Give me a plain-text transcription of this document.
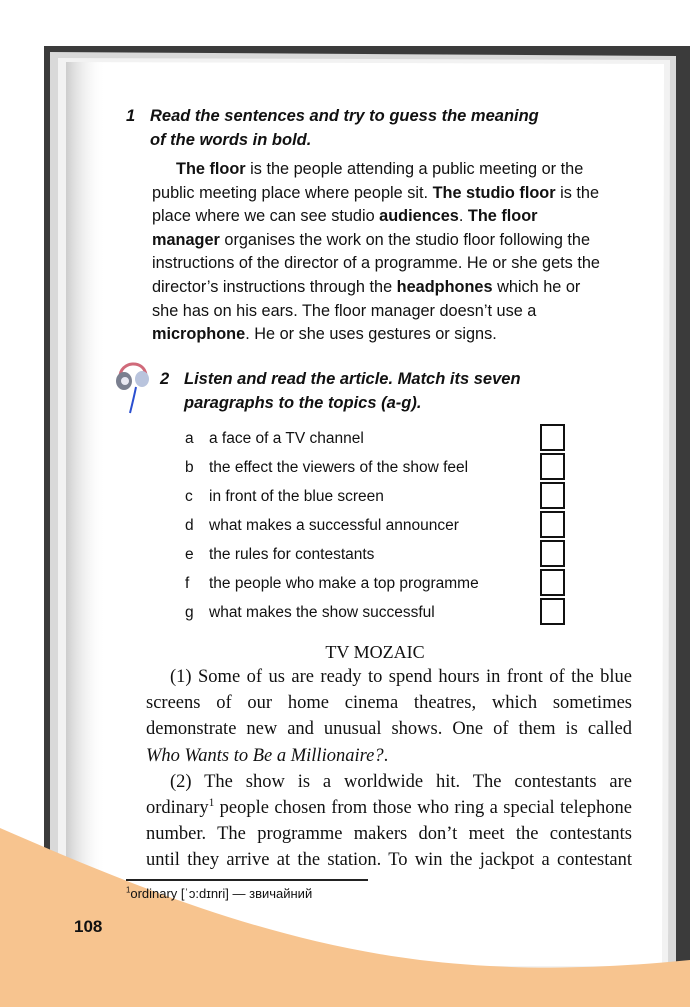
1 Read the sentences and try to guess the meaning
of the words in bold.
The floor is the people attending a public meeting or the
public meeting place where people sit. The studio floor is the
place where we can see studio audiences. The floor
manager organises the work on the studio floor following the
instructions of the director of a programme. He or she gets the
director’s instructions through the headphones which he or
she has on his ears. The floor manager doesn’t use a
microphone. He or she uses gestures or signs.
2 Listen and read the article. Match its seven
paragraphs to the topics (a-g).
a a face of a TV channel
b the effect the viewers of the show feel
c in front of the blue screen
d what makes a successful announcer
e the rules for contestants
f the people who make a top programme
g what makes the show successful
TV MOZAIC
(1) Some of us are ready to spend hours in front of the blue
screens of our home cinema theatres, which sometimes
demonstrate new and unusual shows. One of them is called
Who Wants to Be a Millionaire?.
(2) The show is a worldwide hit. The contestants are
ordinary$^1$ people chosen from those who ring a special telephone
number. The programme makers don’t meet the contestants
until they arrive at the station. To win the jackpot a contestant
$^1$ordinary [ˈɔ:dɪnri] — звичайний
108
